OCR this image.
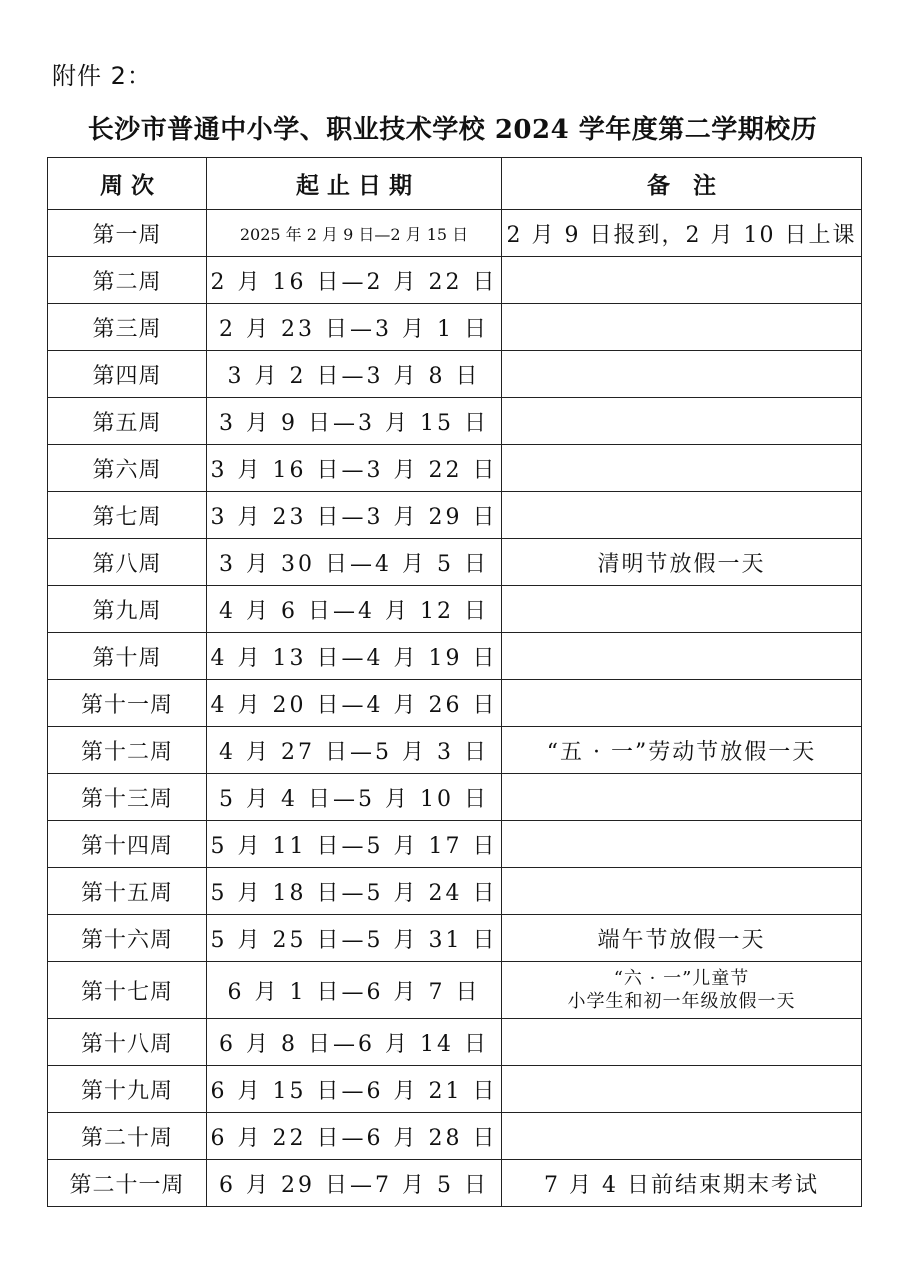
附件 2：
长沙市普通中小学、职业技术学校 2024 学年度第二学期校历
周 次	起 止 日 期	备　注
第一周	2025 年 2 月 9 日—2 月 15 日	2 月 9 日报到，2 月 10 日上课
第二周	2 月 16 日—2 月 22 日	
第三周	2 月 23 日—3 月 1 日	
第四周	3 月 2 日—3 月 8 日	
第五周	3 月 9 日—3 月 15 日	
第六周	3 月 16 日—3 月 22 日	
第七周	3 月 23 日—3 月 29 日	
第八周	3 月 30 日—4 月 5 日	清明节放假一天
第九周	4 月 6 日—4 月 12 日	
第十周	4 月 13 日—4 月 19 日	
第十一周	4 月 20 日—4 月 26 日	
第十二周	4 月 27 日—5 月 3 日	“五 · 一”劳动节放假一天
第十三周	5 月 4 日—5 月 10 日	
第十四周	5 月 11 日—5 月 17 日	
第十五周	5 月 18 日—5 月 24 日	
第十六周	5 月 25 日—5 月 31 日	端午节放假一天
第十七周	6 月 1 日—6 月 7 日	“六 · 一”儿童节
小学生和初一年级放假一天

第十八周	6 月 8 日—6 月 14 日	
第十九周	6 月 15 日—6 月 21 日	
第二十周	6 月 22 日—6 月 28 日	
第二十一周	6 月 29 日—7 月 5 日	7 月 4 日前结束期末考试
